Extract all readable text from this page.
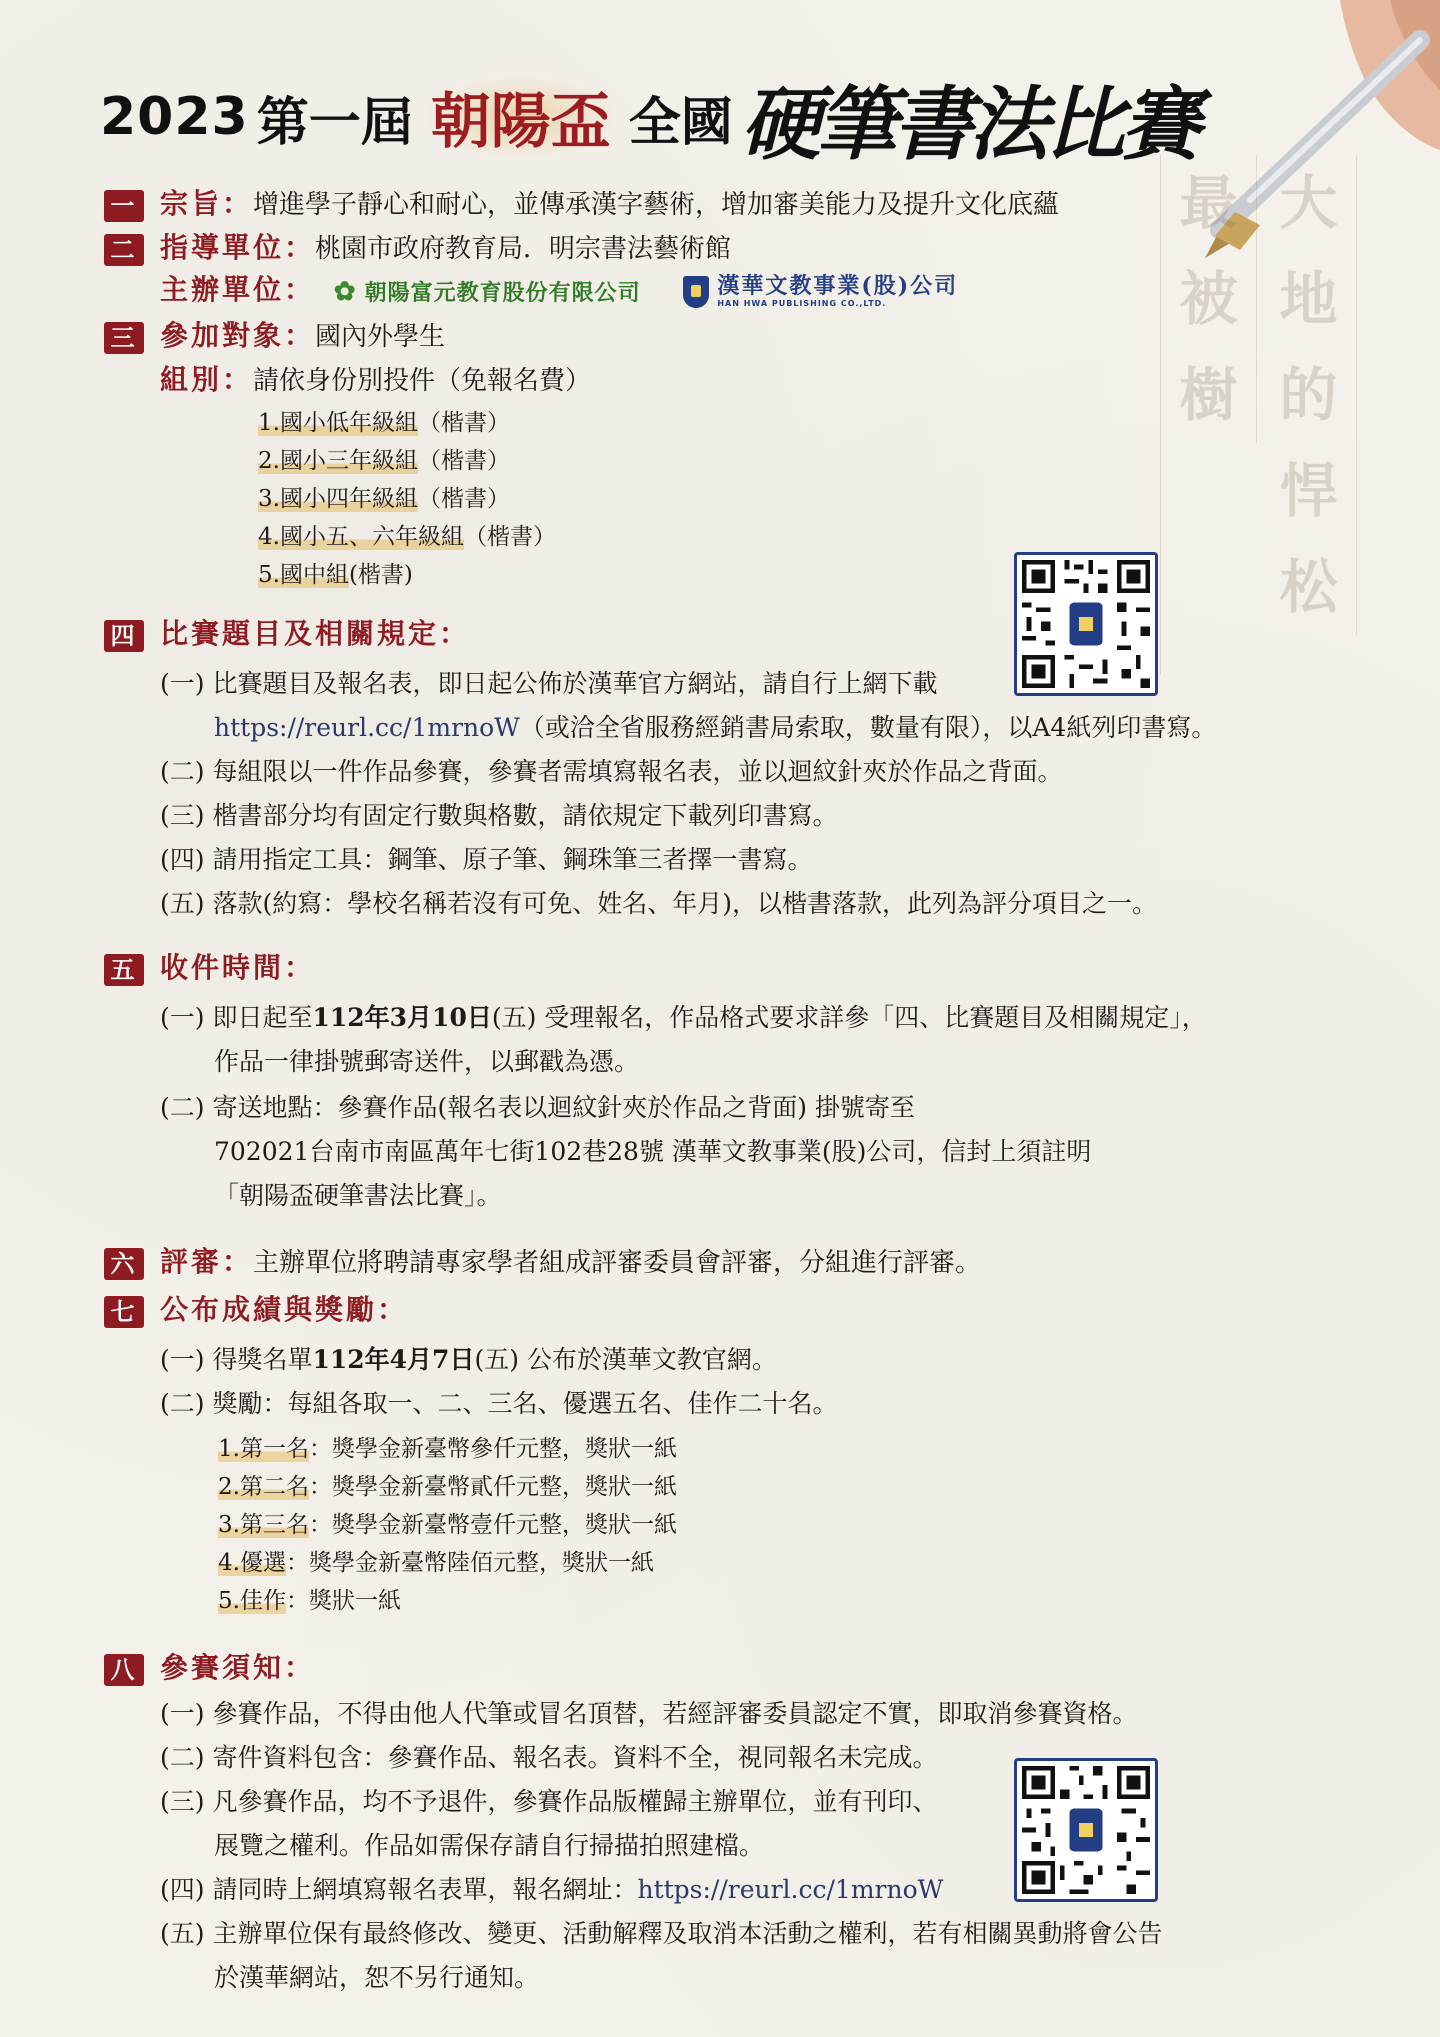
2023 第一屆 朝陽盃 全國 硬筆書法比賽
最
被
樹
大
地
的
悍
松
一 宗旨：增進學子靜心和耐心，並傳承漢字藝術，增加審美能力及提升文化底蘊
二 指導單位：桃園市政府教育局．明宗書法藝術館
主辦單位： ✿ 朝陽富元教育股份有限公司
	漢華文教事業(股)公司
HAN HWA PUBLISHING CO.,LTD.
三 參加對象：國內外學生
組別：請依身份別投件（免報名費）
1.國小低年級組（楷書）
2.國小三年級組（楷書）
3.國小四年級組（楷書）
4.國小五、六年級組（楷書）
5.國中組(楷書)
四 比賽題目及相關規定：
(一) 比賽題目及報名表，即日起公佈於漢華官方網站，請自行上網下載
https://reurl.cc/1mrnoW（或洽全省服務經銷書局索取，數量有限），以A4紙列印書寫。
(二) 每組限以一件作品參賽，參賽者需填寫報名表，並以迴紋針夾於作品之背面。
(三) 楷書部分均有固定行數與格數，請依規定下載列印書寫。
(四) 請用指定工具：鋼筆、原子筆、鋼珠筆三者擇一書寫。
(五) 落款(約寫：學校名稱若沒有可免、姓名、年月)，以楷書落款，此列為評分項目之一。
五 收件時間：
(一) 即日起至112年3月10日(五) 受理報名，作品格式要求詳參「四、比賽題目及相關規定」，
作品一律掛號郵寄送件，以郵戳為憑。
(二) 寄送地點：參賽作品(報名表以迴紋針夾於作品之背面) 掛號寄至
702021台南市南區萬年七街102巷28號 漢華文教事業(股)公司，信封上須註明
「朝陽盃硬筆書法比賽」。
六 評審：主辦單位將聘請專家學者組成評審委員會評審，分組進行評審。
七 公布成績與獎勵：
(一) 得獎名單112年4月7日(五) 公布於漢華文教官網。
(二) 獎勵：每組各取一、二、三名、優選五名、佳作二十名。
1.第一名：獎學金新臺幣參仟元整，獎狀一紙
2.第二名：獎學金新臺幣貳仟元整，獎狀一紙
3.第三名：獎學金新臺幣壹仟元整，獎狀一紙
4.優選：獎學金新臺幣陸佰元整，獎狀一紙
5.佳作：獎狀一紙
八 參賽須知：
(一) 參賽作品，不得由他人代筆或冒名頂替，若經評審委員認定不實，即取消參賽資格。
(二) 寄件資料包含：參賽作品、報名表。資料不全，視同報名未完成。
(三) 凡參賽作品，均不予退件，參賽作品版權歸主辦單位，並有刊印、
展覽之權利。作品如需保存請自行掃描拍照建檔。
(四) 請同時上網填寫報名表單，報名網址：https://reurl.cc/1mrnoW
(五) 主辦單位保有最終修改、變更、活動解釋及取消本活動之權利，若有相關異動將會公告
於漢華網站，恕不另行通知。
